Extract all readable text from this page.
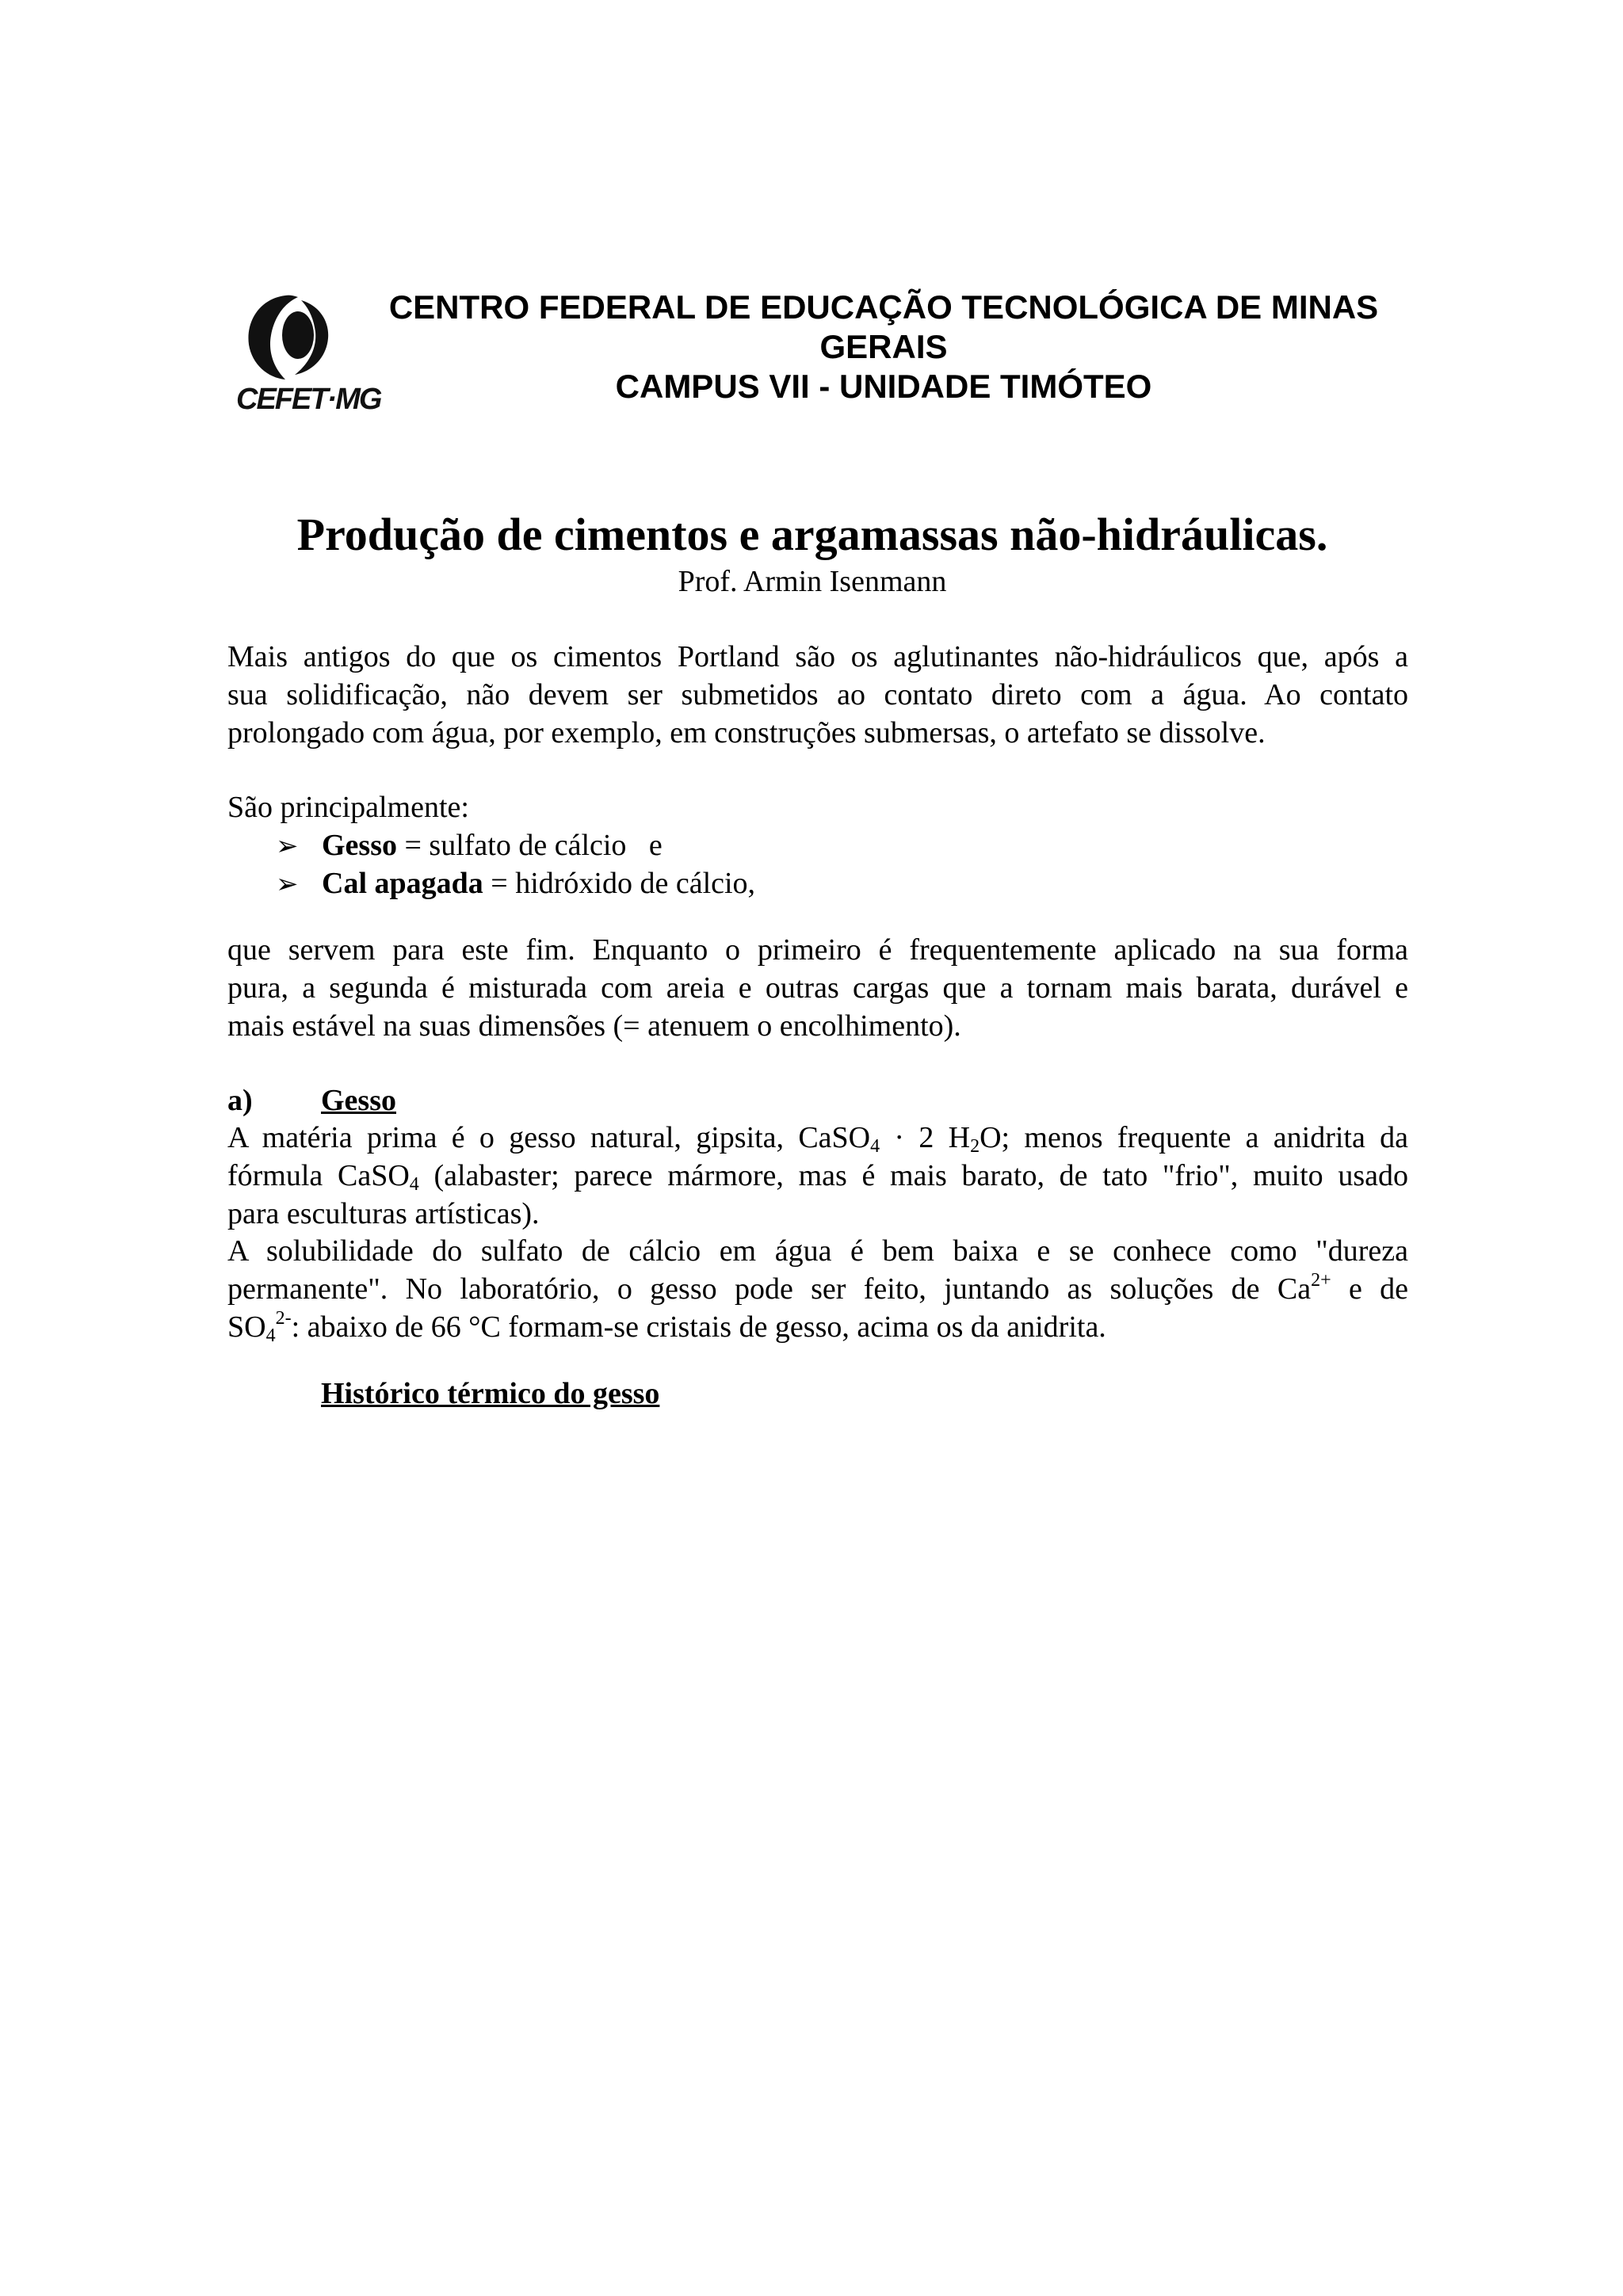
CEFET·MG
CENTRO FEDERAL DE EDUCAÇÃO TECNOLÓGICA DE MINAS
GERAIS
CAMPUS VII - UNIDADE TIMÓTEO
Produção de cimentos e argamassas não-hidráulicas.
Prof. Armin Isenmann
Mais antigos do que os cimentos Portland são os aglutinantes não-hidráulicos que, após a
sua solidificação, não devem ser submetidos ao contato direto com a água. Ao contato
prolongado com água, por exemplo, em construções submersas, o artefato se dissolve.
São principalmente:
➢ Gesso = sulfato de cálcio   e
➢ Cal apagada = hidróxido de cálcio,
que servem para este fim. Enquanto o primeiro é frequentemente aplicado na sua forma
pura, a segunda é misturada com areia e outras cargas que a tornam mais barata, durável e
mais estável na suas dimensões (= atenuem o encolhimento).
a) Gesso
A matéria prima é o gesso natural, gipsita, CaSO$_4$ · 2 $H_2O$; menos frequente a anidrita da
fórmula CaSO$_4$ (alabaster; parece mármore, mas é mais barato, de tato "frio", muito usado
para esculturas artísticas).
A solubilidade do sulfato de cálcio em água é bem baixa e se conhece como "dureza
permanente". No laboratório, o gesso pode ser feito, juntando as soluções de $Ca^{2+}$ e de
$SO_4^{2-}$: abaixo de 66 °C formam-se cristais de gesso, acima os da anidrita.
Histórico térmico do gesso
